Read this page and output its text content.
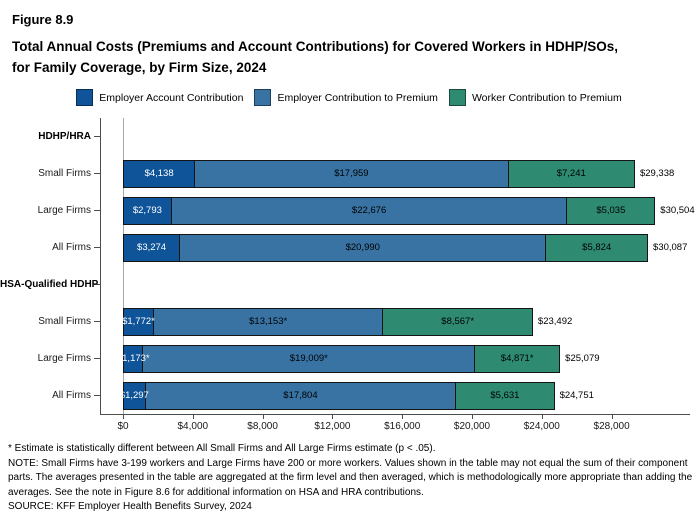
Figure 8.9
Total Annual Costs (Premiums and Account Contributions) for Covered Workers in HDHP/SOs,
for Family Coverage, by Firm Size, 2024
Employer Account Contribution	Employer Contribution to Premium	Worker Contribution to Premium
HDHP/HRA
Small Firms	$4,138	$17,959	$7,241	$29,338
Large Firms	$2,793	$22,676	$5,035	$30,504
All Firms	$3,274	$20,990	$5,824	$30,087
HSA-Qualified HDHP
Small Firms	$1,772*	$13,153*	$8,567*	$23,492
Large Firms	$1,173*	$19,009*	$4,871*	$25,079
All Firms	$1,297	$17,804	$5,631	$24,751
$0	$4,000	$8,000	$12,000	$16,000	$20,000	$24,000	$28,000

* Estimate is statistically different between All Small Firms and All Large Firms estimate (p < .05).

NOTE: Small Firms have 3-199 workers and Large Firms have 200 or more workers. Values shown in the table may not equal the sum of their component parts. The averages presented in the table are aggregated at the firm level and then averaged, which is methodologically more appropriate than adding the averages. See the note in Figure 8.6 for additional information on HSA and HRA contributions.

SOURCE: KFF Employer Health Benefits Survey, 2024
